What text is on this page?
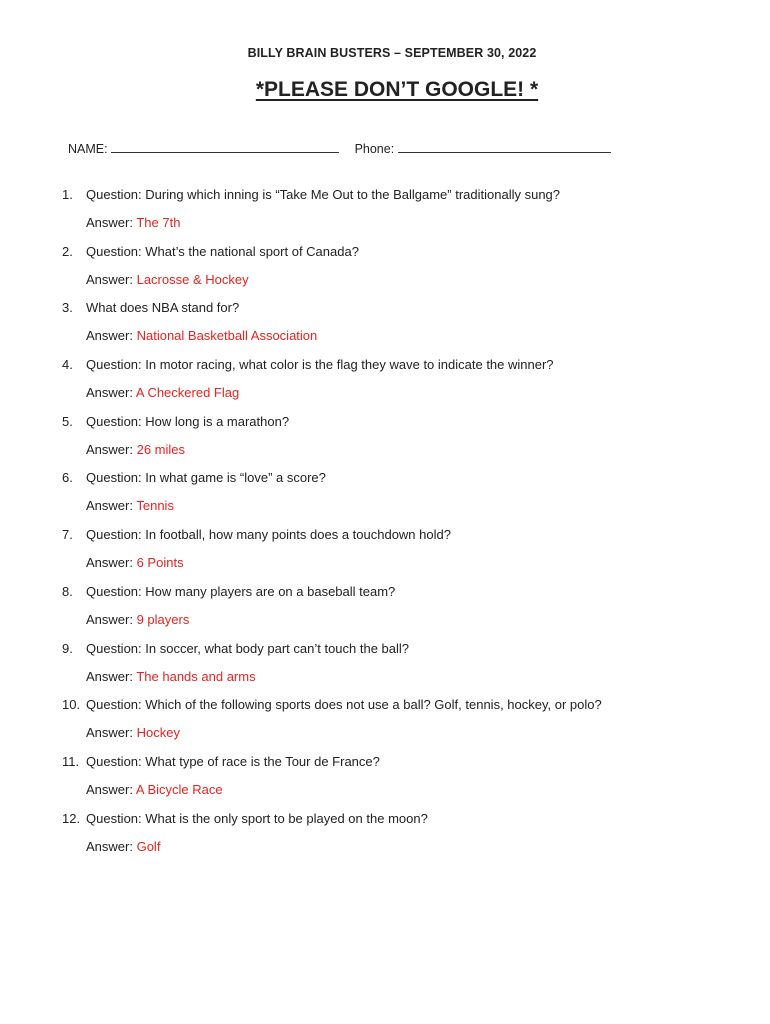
BILLY BRAIN BUSTERS – SEPTEMBER 30, 2022
*PLEASE DON’T GOOGLE! *
NAME:	Phone:
1.	Question: During which inning is “Take Me Out to the Ballgame” traditionally sung?
Answer: The 7th
2.	Question: What’s the national sport of Canada?
Answer: Lacrosse & Hockey
3.	What does NBA stand for?
Answer: National Basketball Association
4.	Question: In motor racing, what color is the flag they wave to indicate the winner?
Answer: A Checkered Flag
5.	Question: How long is a marathon?
Answer: 26 miles
6.	Question: In what game is “love” a score?
Answer: Tennis
7.	Question: In football, how many points does a touchdown hold?
Answer: 6 Points
8.	Question: How many players are on a baseball team?
Answer: 9 players
9.	Question: In soccer, what body part can’t touch the ball?
Answer: The hands and arms
10. Question: Which of the following sports does not use a ball? Golf, tennis, hockey, or polo?
Answer: Hockey
11. Question: What type of race is the Tour de France?
Answer: A Bicycle Race
12. Question: What is the only sport to be played on the moon?
Answer: Golf
